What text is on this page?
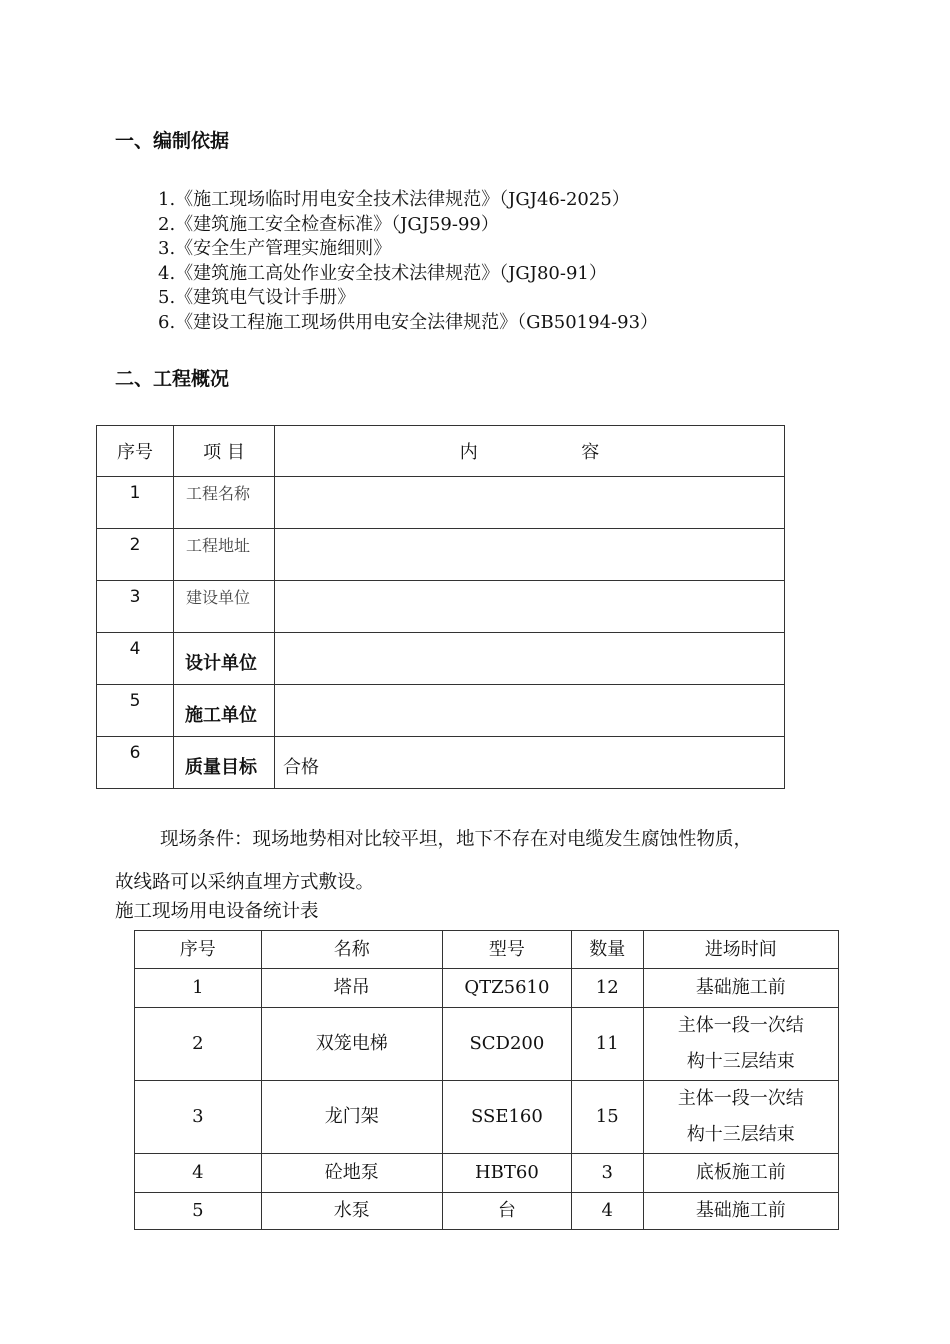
一、编制依据
1.《施工现场临时用电安全技术法律规范》（JGJ46-2025）
2.《建筑施工安全检查标准》（JGJ59-99）
3.《安全生产管理实施细则》
4.《建筑施工高处作业安全技术法律规范》（JGJ80-91）
5.《建筑电气设计手册》
6.《建设工程施工现场供用电安全法律规范》（GB50194-93）
二、工程概况
序号	项 目	内 容

1	工程名称	

2	工程地址	

3	建设单位	

4	设计单位	

5	施工单位	

6	质量目标	合格
现场条件：现场地势相对比较平坦，地下不存在对电缆发生腐蚀性物质，
故线路可以采纳直埋方式敷设。
施工现场用电设备统计表
序号	名称	型号	数量	进场时间
1	塔吊	QTZ5610	12	基础施工前
2	双笼电梯	SCD200	11	主体一段一次结
构十三层结束

3	龙门架	SSE160	15	主体一段一次结
构十三层结束

4	砼地泵	HBT60	3	底板施工前
5	水泵	台	4	基础施工前
